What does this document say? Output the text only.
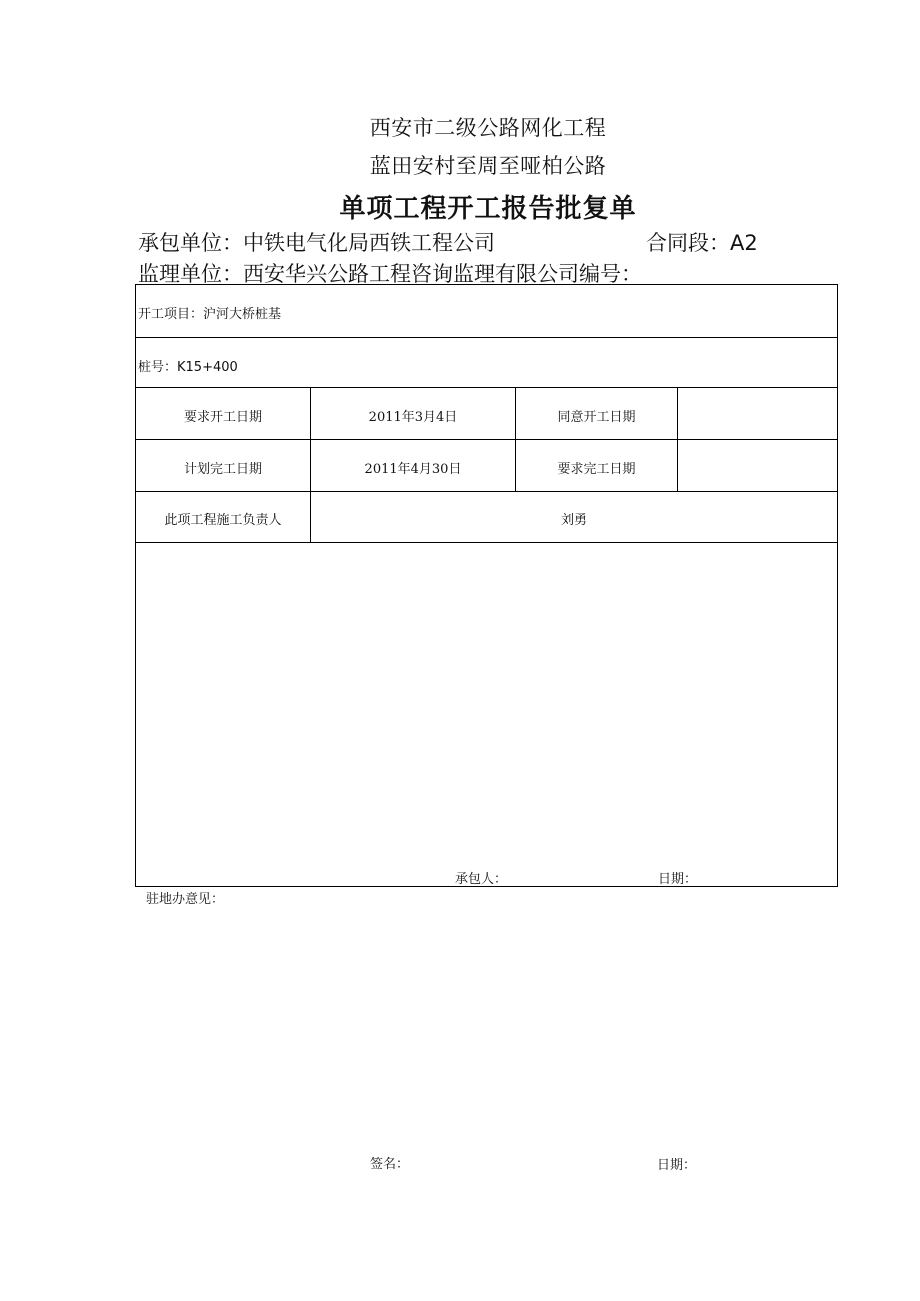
西安市二级公路网化工程
蓝田安村至周至哑柏公路
单项工程开工报告批复单
承包单位：中铁电气化局西铁工程公司	合同段：A2
监理单位：西安华兴公路工程咨询监理有限公司编号：
开工项目：沪河大桥桩基
桩号：K15+400
要求开工日期	2011年3月4日	同意开工日期
计划完工日期	2011年4月30日	要求完工日期
此项工程施工负责人	刘勇
承包人：	日期：
驻地办意见：
签名：	日期：
